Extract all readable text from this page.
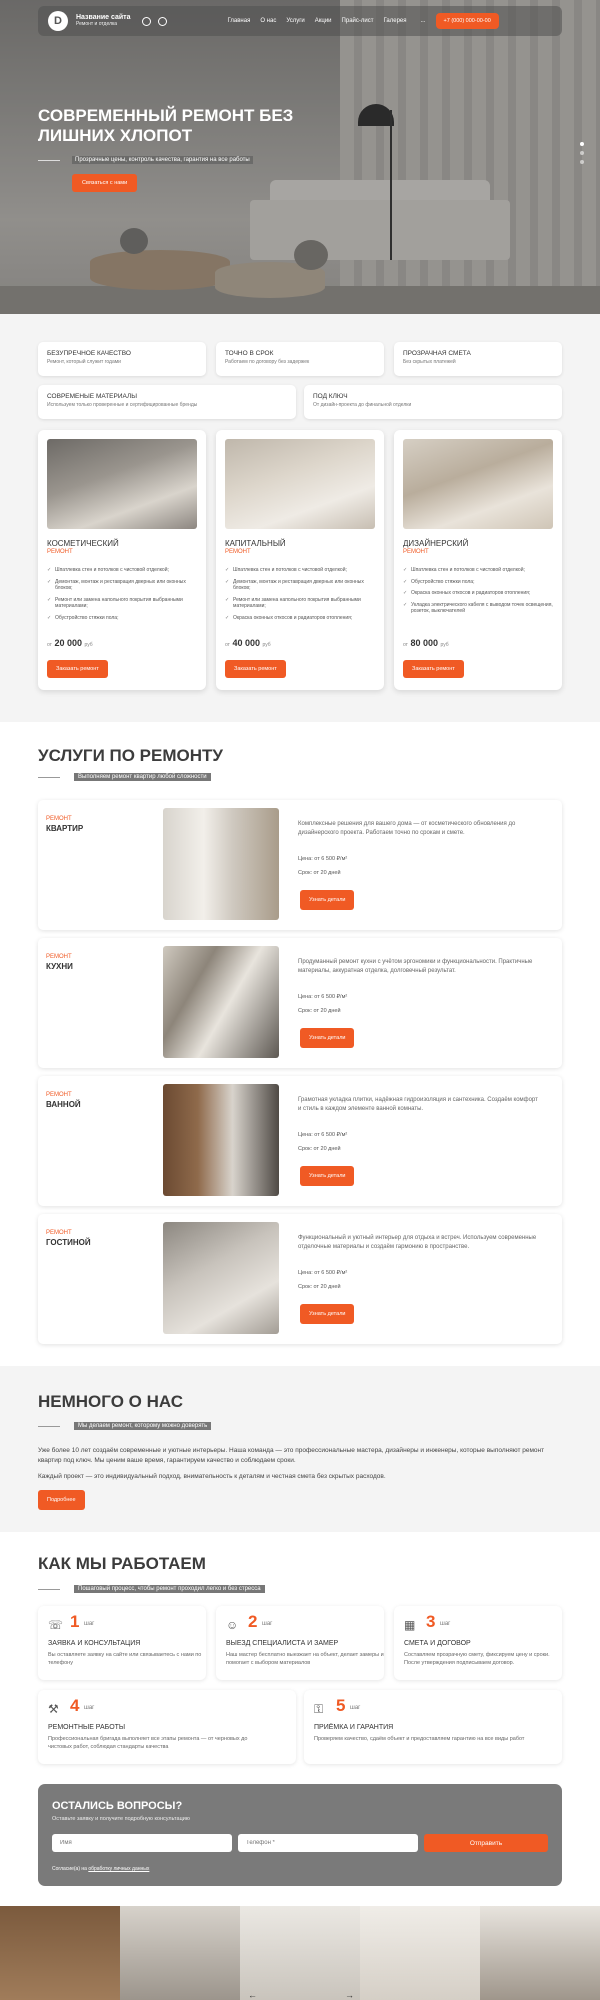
D	Название сайта
Ремонт и отделка
Главная О нас Услуги Акции Прайс-лист Галерея ...	+7 (000) 000-00-00
СОВРЕМЕННЫЙ РЕМОНТ БЕЗ ЛИШНИХ ХЛОПОТ
Прозрачные цены, контроль качества, гарантия на все работы
Связаться с нами
БЕЗУПРЕЧНОЕ КАЧЕСТВО
Ремонт, который служит годами
ТОЧНО В СРОК
Работаем по договору без задержек
ПРОЗРАЧНАЯ СМЕТА
Без скрытых платежей
СОВРЕМЕНЫЕ МАТЕРИАЛЫ
Используем только проверенные и сертифицированные бренды
ПОД КЛЮЧ
От дизайн-проекта до финальной отделки
КОСМЕТИЧЕСКИЙ
РЕМОНТ
✓ Шпатлевка стен и потолков с чистовой отделкой;
✓ Демонтаж, монтаж и реставрация дверных или оконных блоков;
✓ Ремонт или замена напольного покрытия выбранными материалами;
✓ Обустройство стяжки пола;
от 20 000 руб
Заказать ремонт
КАПИТАЛЬНЫЙ
РЕМОНТ
✓ Шпатлевка стен и потолков с чистовой отделкой;
✓ Демонтаж, монтаж и реставрация дверных или оконных блоков;
✓ Ремонт или замена напольного покрытия выбранными материалами;
✓ Окраска оконных откосов и радиаторов отопления;
от 40 000 руб
Заказать ремонт
ДИЗАЙНЕРСКИЙ
РЕМОНТ
✓ Шпатлевка стен и потолков с чистовой отделкой;
✓ Обустройство стяжки пола;
✓ Окраска оконных откосов и радиаторов отопления;
✓ Укладка электрического кабеля с выводом точек освещения, розеток, выключателей
от 80 000 руб
Заказать ремонт
УСЛУГИ ПО РЕМОНТУ
Выполняем ремонт квартир любой сложности
РЕМОНТ
КВАРТИР	Комплексные решения для вашего дома — от косметического обновления до дизайнерского проекта. Работаем точно по срокам и смете.
Цена: от 6 500 ₽/м²
Срок: от 20 дней
Узнать детали
РЕМОНТ
КУХНИ	Продуманный ремонт кухни с учётом эргономики и функциональности. Практичные материалы, аккуратная отделка, долговечный результат.
Цена: от 6 500 ₽/м²
Срок: от 20 дней
Узнать детали
РЕМОНТ
ВАННОЙ	Грамотная укладка плитки, надёжная гидроизоляция и сантехника. Создаём комфорт и стиль в каждом элементе ванной комнаты.
Цена: от 6 500 ₽/м²
Срок: от 20 дней
Узнать детали
РЕМОНТ
ГОСТИНОЙ	Функциональный и уютный интерьер для отдыха и встреч. Используем современные отделочные материалы и создаём гармонию в пространстве.
Цена: от 6 500 ₽/м²
Срок: от 20 дней
Узнать детали
НЕМНОГО О НАС
Мы делаем ремонт, которому можно доверять
Уже более 10 лет создаём современные и уютные интерьеры. Наша команда — это профессиональные мастера, дизайнеры и инженеры, которые выполняют ремонт квартир под ключ. Мы ценим ваше время, гарантируем качество и соблюдаем сроки.
Каждый проект — это индивидуальный подход, внимательность к деталям и честная смета без скрытых расходов.
Подробнее
КАК МЫ РАБОТАЕМ
Пошаговый процесс, чтобы ремонт проходил легко и без стресса
☏ 1 шаг
ЗАЯВКА И КОНСУЛЬТАЦИЯ
Вы оставляете заявку на сайте или связываетесь с нами по телефону
☺ 2 шаг
ВЫЕЗД СПЕЦИАЛИСТА И ЗАМЕР
Наш мастер бесплатно выезжает на объект, делает замеры и помогает с выбором материалов
▦ 3 шаг
СМЕТА И ДОГОВОР
Составляем прозрачную смету, фиксируем цену и сроки. После утверждения подписываем договор.
⚒ 4 шаг
РЕМОНТНЫЕ РАБОТЫ
Профессиональная бригада выполняет все этапы ремонта — от черновых до чистовых работ, соблюдая стандарты качества
⚿ 5 шаг
ПРИЁМКА И ГАРАНТИЯ
Проверяем качество, сдаём объект и предоставляем гарантию на все виды работ
ОСТАЛИСЬ ВОПРОСЫ?
Оставьте заявку и получите подробную консультацию
Имя
Телефон *
Отправить
Согласие(а) на обработку личных данных
←	→
